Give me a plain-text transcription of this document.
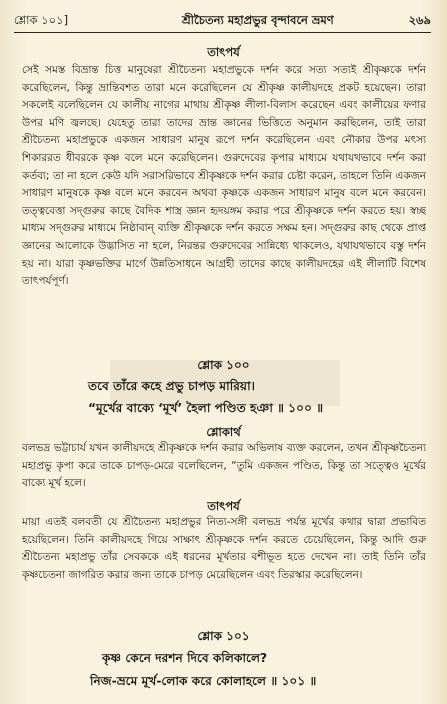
শ্লোক ১০১]	শ্রীচৈতন্য মহাপ্রভুর বৃন্দাবনে ভ্রমণ	২৬৯
তাৎপর্য
সেই সমস্ত বিভ্রান্ত চিত্ত মানুষেরা শ্রীচৈতন্য মহাপ্রভুকে দর্শন করে সত্য সত্যই শ্রীকৃষ্ণকে দর্শন করেছিলেন, কিন্তু ভ্রান্তিবশত তারা মনে করেছিলেন যে শ্রীকৃষ্ণ কালীয়দহে প্রকট হয়েছেন। তারা সকলেই বলেছিলেন যে কালীয় নাগের মাথায় শ্রীকৃষ্ণ লীলা-বিলাস করেছেন এবং কালীয়ের ফণার উপর মণি জ্বলছে। যেহেতু তারা তাদের ভ্রান্ত জ্ঞানের ভিত্তিতে অনুমান করছিলেন, তাই তারা শ্রীচৈতন্য মহাপ্রভুকে একজন সাধারণ মানুষ রূপে দর্শন করেছিলেন এবং নৌকার উপর মৎস্য শিকাররত ধীবরকে কৃষ্ণ বলে মনে করেছিলেন। গুরুদেবের কৃপার মাধ্যমে যথাযথভাবে দর্শন করা কর্তব্য; তা না হলে কেউ যদি সরাসরিভাবে শ্রীকৃষ্ণকে দর্শন করার চেষ্টা করেন, তাহলে তিনি একজন সাধারণ মানুষকে কৃষ্ণ বলে মনে করবেন অথবা কৃষ্ণকে একজন সাধারণ মানুষ বলে মনে করবেন। তত্ত্ববেত্তা সদ্গুরুর কাছে বৈদিক শাস্ত্র জ্ঞান হৃদয়ঙ্গম করার পরে শ্রীকৃষ্ণকে দর্শন করতে হয়। স্বচ্ছ মাধ্যম সদ্গুরুর মাধ্যমে নিষ্ঠাবান্ ব্যক্তি শ্রীকৃষ্ণকে দর্শন করতে সক্ষম হন। সদ্গুরুর কাছ থেকে প্রাপ্ত জ্ঞানের আলোকে উদ্ভাসিত না হলে, নিরন্তর গুরুদেবের সান্নিধ্যে থাকলেও, যথাযথভাবে বস্তু দর্শন হয় না। যারা কৃষ্ণভক্তির মার্গে উন্নতিসাধনে আগ্রহী তাদের কাছে কালীয়দহের এই লীলাটি বিশেষ তাৎপর্যপূর্ণ।
শ্লোক ১০০
তবে তাঁরে কহে প্রভু চাপড় মারিয়া।
“মূর্খের বাক্যে ‘মূর্খ’ হৈলা পণ্ডিত হঞা ॥ ১০০ ॥
শ্লোকার্থ
বলভদ্র ভট্টাচার্য যখন কালীয়দহে শ্রীকৃষ্ণকে দর্শন করার অভিলাষ ব্যক্ত করলেন, তখন শ্রীকৃষ্ণচৈতন্য মহাপ্রভু কৃপা করে তাকে চাপড়-মেরে বলেছিলেন, “তুমি একজন পণ্ডিত, কিন্তু তা সত্ত্বেও মূর্খের বাক্যে মূর্খ হলে।
তাৎপর্য
মায়া এতই বলবতী যে শ্রীচৈতন্য মহাপ্রভুর নিত্য-সঙ্গী বলভদ্র পর্যন্ত মূর্খের কথার দ্বারা প্রভাবিত হয়েছিলেন। তিনি কালীয়দহে গিয়ে সাক্ষাৎ শ্রীকৃষ্ণকে দর্শন করতে চেয়েছিলেন, কিন্তু আদি গুরু শ্রীচৈতন্য মহাপ্রভু তাঁর সেবককে এই ধরনের মূর্খতার বশীভূত হতে দেখেন না। তাই তিনি তাঁর কৃষ্ণচেতনা জাগরিত করার জন্য তাকে চাপড় মেরেছিলেন এবং তিরস্কার করেছিলেন।
শ্লোক ১০১
কৃষ্ণ কেনে দরশন দিবে কলিকালে?
নিজ-ভ্রমে মূর্খ-লোক করে কোলাহলে ॥ ১০১ ॥
